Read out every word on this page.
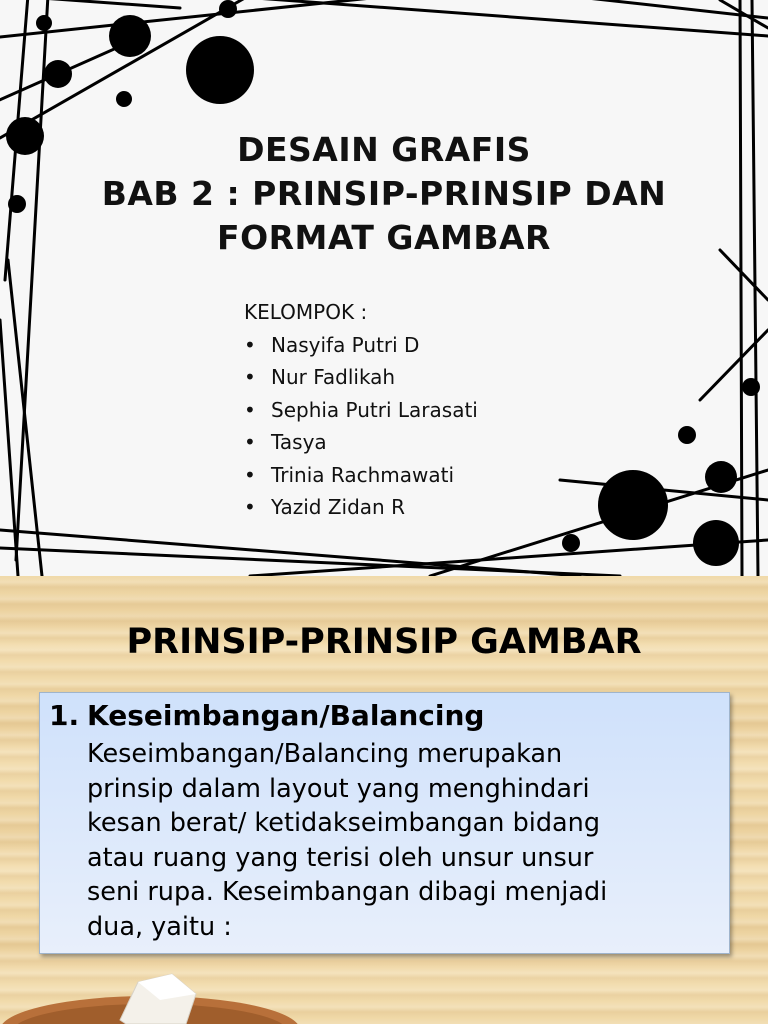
DESAIN GRAFIS
BAB 2 : PRINSIP-PRINSIP DAN
FORMAT GAMBAR
KELOMPOK :
• Nasyifa Putri D
• Nur Fadlikah
• Sephia Putri Larasati
• Tasya
• Trinia Rachmawati
• Yazid Zidan R
PRINSIP-PRINSIP GAMBAR
1. Keseimbangan/Balancing
Keseimbangan/Balancing merupakan
prinsip dalam layout yang menghindari
kesan berat/ ketidakseimbangan bidang
atau ruang yang terisi oleh unsur unsur
seni rupa. Keseimbangan dibagi menjadi
dua, yaitu :
